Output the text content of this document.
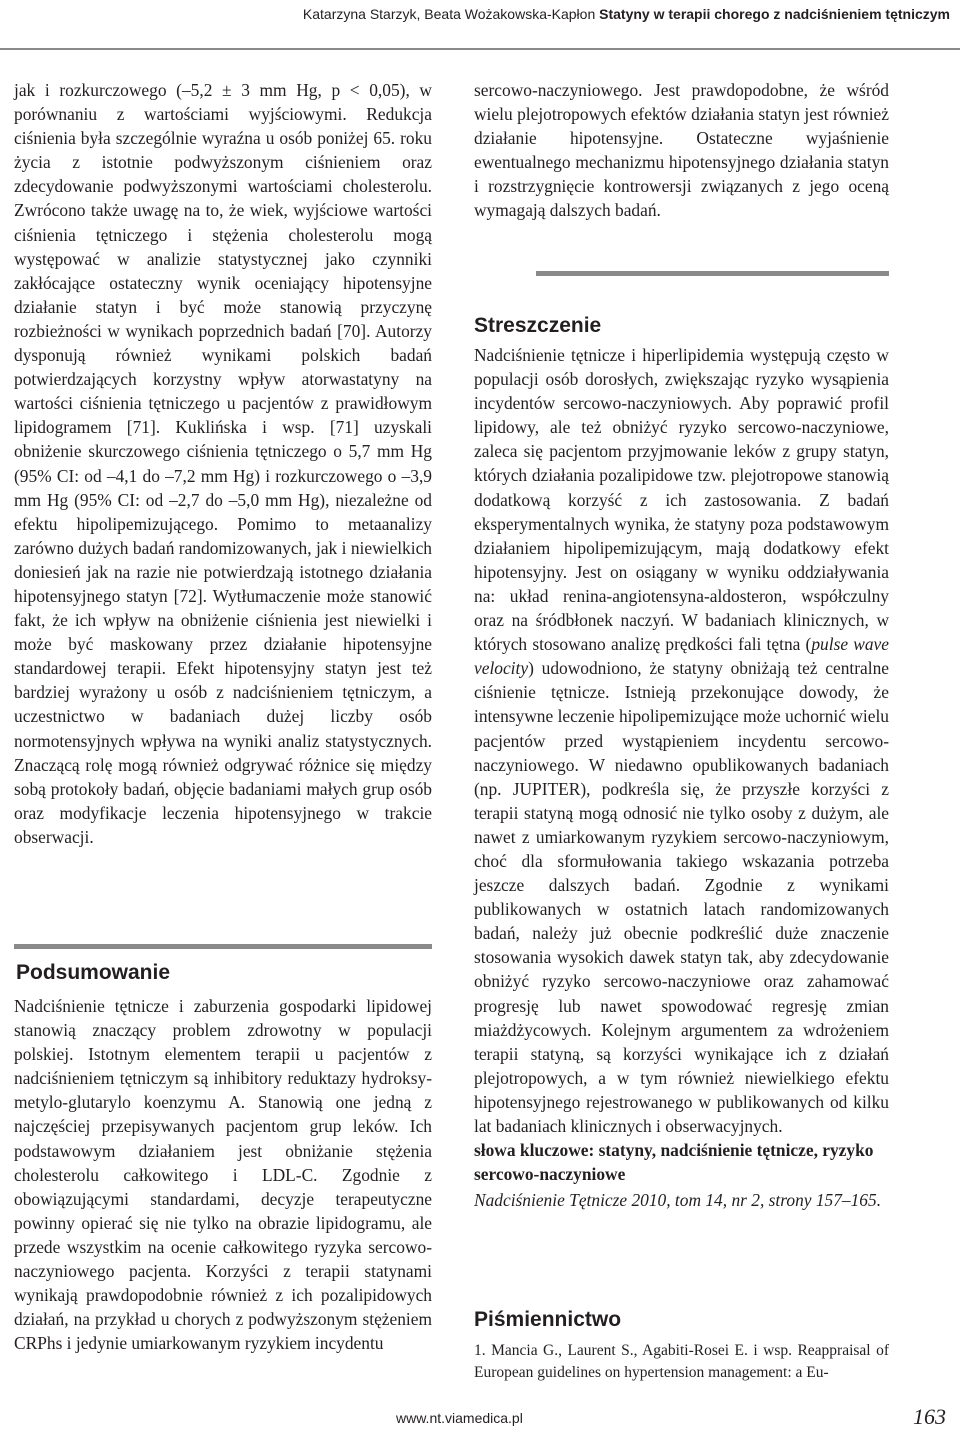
Katarzyna Starzyk, Beata Wożakowska-Kapłon Statyny w terapii chorego z nadciśnieniem tętniczym

jak i rozkurczowego (–5,2 ± 3 mm Hg, p < 0,05), w porównaniu z wartościami wyjściowymi. Redukcja ciśnienia była szczególnie wyraźna u osób poniżej 65. roku życia z istotnie podwyższonym ciśnieniem oraz zdecydowanie podwyższonymi wartościami cholesterolu. Zwrócono także uwagę na to, że wiek, wyjściowe wartości ciśnienia tętniczego i stężenia cholesterolu mogą występować w analizie statystycznej jako czynniki zakłócające ostateczny wynik oceniający hipotensyjne działanie statyn i być może stanowią przyczynę rozbieżności w wynikach poprzednich badań [70]. Autorzy dysponują również wynikami polskich badań potwierdzających korzystny wpływ atorwastatyny na wartości ciśnienia tętniczego u pacjentów z prawidłowym lipidogramem [71]. Kuklińska i wsp. [71] uzyskali obniżenie skurczowego ciśnienia tętniczego o 5,7 mm Hg (95% CI: od –4,1 do –7,2 mm Hg) i rozkurczowego o –3,9 mm Hg (95% CI: od –2,7 do –5,0 mm Hg), niezależne od efektu hipolipemizującego. Pomimo to metaanalizy zarówno dużych badań randomizowanych, jak i niewielkich doniesień jak na razie nie potwierdzają istotnego działania hipotensyjnego statyn [72]. Wytłumaczenie może stanowić fakt, że ich wpływ na obniżenie ciśnienia jest niewielki i może być maskowany przez działanie hipotensyjne standardowej terapii. Efekt hipotensyjny statyn jest też bardziej wyrażony u osób z nadciśnieniem tętniczym, a uczestnictwo w badaniach dużej liczby osób normotensyjnych wpływa na wyniki analiz statystycznych. Znaczącą rolę mogą również odgrywać różnice się między sobą protokoły badań, objęcie badaniami małych grup osób oraz modyfikacje leczenia hipotensyjnego w trakcie obserwacji.

Podsumowanie

Nadciśnienie tętnicze i zaburzenia gospodarki lipidowej stanowią znaczący problem zdrowotny w populacji polskiej. Istotnym elementem terapii u pacjentów z nadciśnieniem tętniczym są inhibitory reduktazy hydroksy-metylo-glutarylo koenzymu A. Stanowią one jedną z najczęściej przepisywanych pacjentom grup leków. Ich podstawowym działaniem jest obniżanie stężenia cholesterolu całkowitego i LDL-C. Zgodnie z obowiązującymi standardami, decyzje terapeutyczne powinny opierać się nie tylko na obrazie lipidogramu, ale przede wszystkim na ocenie całkowitego ryzyka sercowo-naczyniowego pacjenta. Korzyści z terapii statynami wynikają prawdopodobnie również z ich pozalipidowych działań, na przykład u chorych z podwyższonym stężeniem CRPhs i jedynie umiarkowanym ryzykiem incydentu

sercowo-naczyniowego. Jest prawdopodobne, że wśród wielu plejotropowych efektów działania statyn jest również działanie hipotensyjne. Ostateczne wyjaśnienie ewentualnego mechanizmu hipotensyjnego działania statyn i rozstrzygnięcie kontrowersji związanych z jego oceną wymagają dalszych badań.

Streszczenie

Nadciśnienie tętnicze i hiperlipidemia występują często w populacji osób dorosłych, zwiększając ryzyko wysąpienia incydentów sercowo-naczyniowych. Aby poprawić profil lipidowy, ale też obniżyć ryzyko sercowo-naczyniowe, zaleca się pacjentom przyjmowanie leków z grupy statyn, których działania pozalipidowe tzw. plejotropowe stanowią dodatkową korzyść z ich zastosowania. Z badań eksperymentalnych wynika, że statyny poza podstawowym działaniem hipolipemizującym, mają dodatkowy efekt hipotensyjny. Jest on osiągany w wyniku oddziaływania na: układ renina-angiotensyna-aldosteron, współczulny oraz na śródbłonek naczyń. W badaniach klinicznych, w których stosowano analizę prędkości fali tętna (pulse wave velocity) udowodniono, że statyny obniżają też centralne ciśnienie tętnicze. Istnieją przekonujące dowody, że intensywne leczenie hipolipemizujące może uchornić wielu pacjentów przed wystąpieniem incydentu sercowo-naczyniowego. W niedawno opublikowanych badaniach (np. JUPITER), podkreśla się, że przyszłe korzyści z terapii statyną mogą odnosić nie tylko osoby z dużym, ale nawet z umiarkowanym ryzykiem sercowo-naczyniowym, choć dla sformułowania takiego wskazania potrzeba jeszcze dalszych badań. Zgodnie z wynikami publikowanych w ostatnich latach randomizowanych badań, należy już obecnie podkreślić duże znaczenie stosowania wysokich dawek statyn tak, aby zdecydowanie obniżyć ryzyko sercowo-naczyniowe oraz zahamować progresję lub nawet spowodować regresję zmian miażdżycowych. Kolejnym argumentem za wdrożeniem terapii statyną, są korzyści wynikające ich z działań plejotropowych, a w tym również niewielkiego efektu hipotensyjnego rejestrowanego w publikowanych od kilku lat badaniach klinicznych i obserwacyjnych.

słowa kluczowe: statyny, nadciśnienie tętnicze, ryzyko sercowo-naczyniowe

Nadciśnienie Tętnicze 2010, tom 14, nr 2, strony 157–165.

Piśmiennictwo

1. Mancia G., Laurent S., Agabiti-Rosei E. i wsp. Reappraisal of European guidelines on hypertension management: a Eu-

www.nt.viamedica.pl	163
